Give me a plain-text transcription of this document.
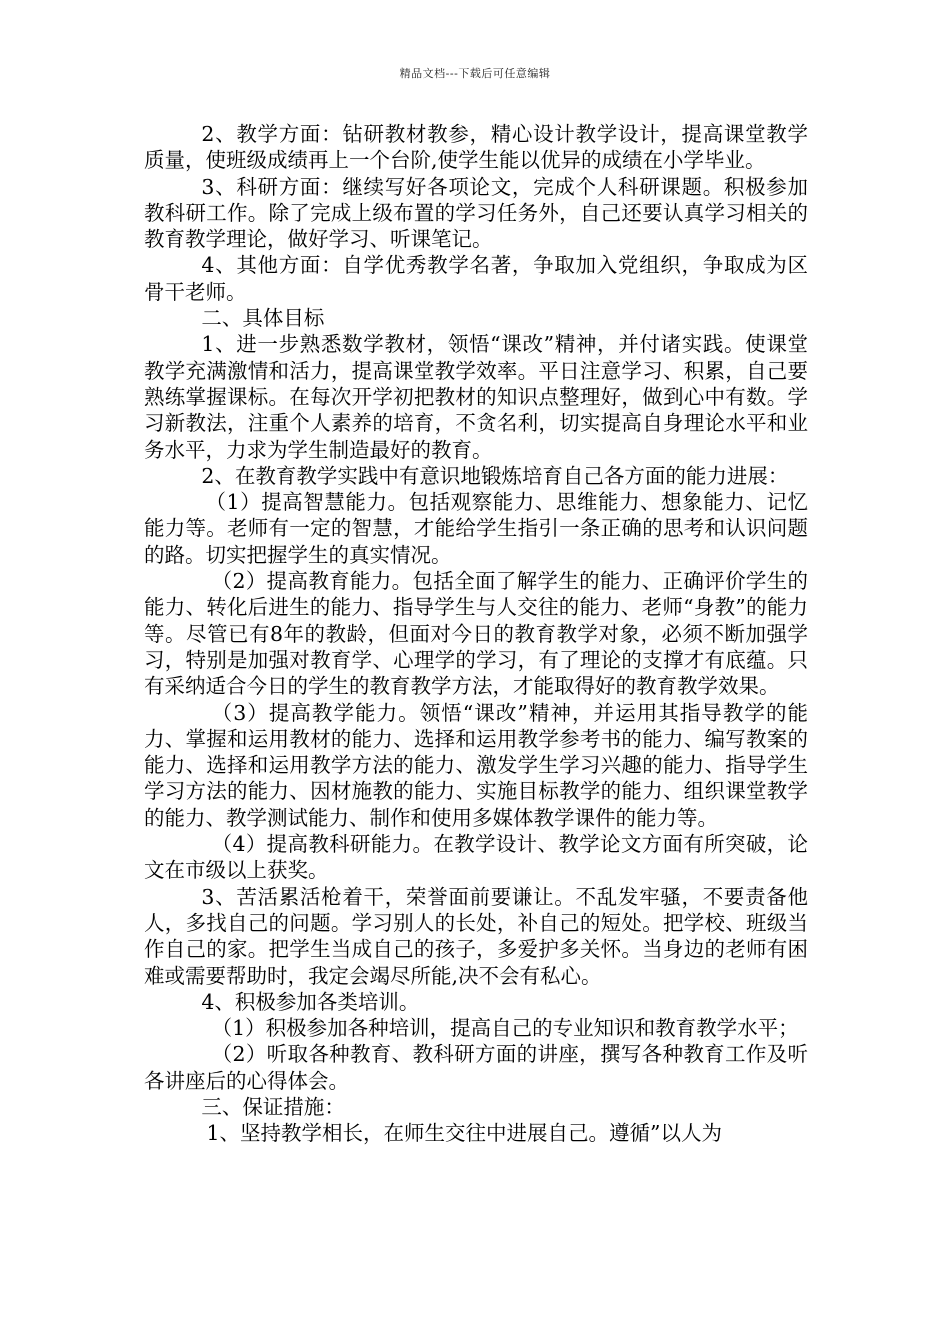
精品文档---下载后可任意编辑

2、教学方面：钻研教材教参，精心设计教学设计，提高课堂教学质量，使班级成绩再上一个台阶,使学生能以优异的成绩在小学毕业。

3、科研方面：继续写好各项论文，完成个人科研课题。积极参加教科研工作。除了完成上级布置的学习任务外，自己还要认真学习相关的教育教学理论，做好学习、听课笔记。

4、其他方面：自学优秀教学名著，争取加入党组织，争取成为区骨干老师。

二、具体目标

1、进一步熟悉数学教材，领悟“课改”精神，并付诸实践。使课堂教学充满激情和活力，提高课堂教学效率。平日注意学习、积累，自己要熟练掌握课标。在每次开学初把教材的知识点整理好，做到心中有数。学习新教法，注重个人素养的培育，不贪名利，切实提高自身理论水平和业务水平，力求为学生制造最好的教育。

2、在教育教学实践中有意识地锻炼培育自己各方面的能力进展：

（1）提高智慧能力。包括观察能力、思维能力、想象能力、记忆能力等。老师有一定的智慧，才能给学生指引一条正确的思考和认识问题的路。切实把握学生的真实情况。

（2）提高教育能力。包括全面了解学生的能力、正确评价学生的能力、转化后进生的能力、指导学生与人交往的能力、老师“身教”的能力等。尽管已有8年的教龄，但面对今日的教育教学对象，必须不断加强学习，特别是加强对教育学、心理学的学习，有了理论的支撑才有底蕴。只有采纳适合今日的学生的教育教学方法，才能取得好的教育教学效果。

（3）提高教学能力。领悟“课改”精神，并运用其指导教学的能力、掌握和运用教材的能力、选择和运用教学参考书的能力、编写教案的能力、选择和运用教学方法的能力、激发学生学习兴趣的能力、指导学生学习方法的能力、因材施教的能力、实施目标教学的能力、组织课堂教学的能力、教学测试能力、制作和使用多媒体教学课件的能力等。

（4）提高教科研能力。在教学设计、教学论文方面有所突破，论文在市级以上获奖。

3、苦活累活枪着干，荣誉面前要谦让。不乱发牢骚，不要责备他人，多找自己的问题。学习别人的长处，补自己的短处。把学校、班级当作自己的家。把学生当成自己的孩子，多爱护多关怀。当身边的老师有困难或需要帮助时，我定会竭尽所能,决不会有私心。

4、积极参加各类培训。

（1）积极参加各种培训，提高自己的专业知识和教育教学水平；

（2）听取各种教育、教科研方面的讲座，撰写各种教育工作及听各讲座后的心得体会。

三、保证措施：

1、坚持教学相长，在师生交往中进展自己。遵循”以人为
